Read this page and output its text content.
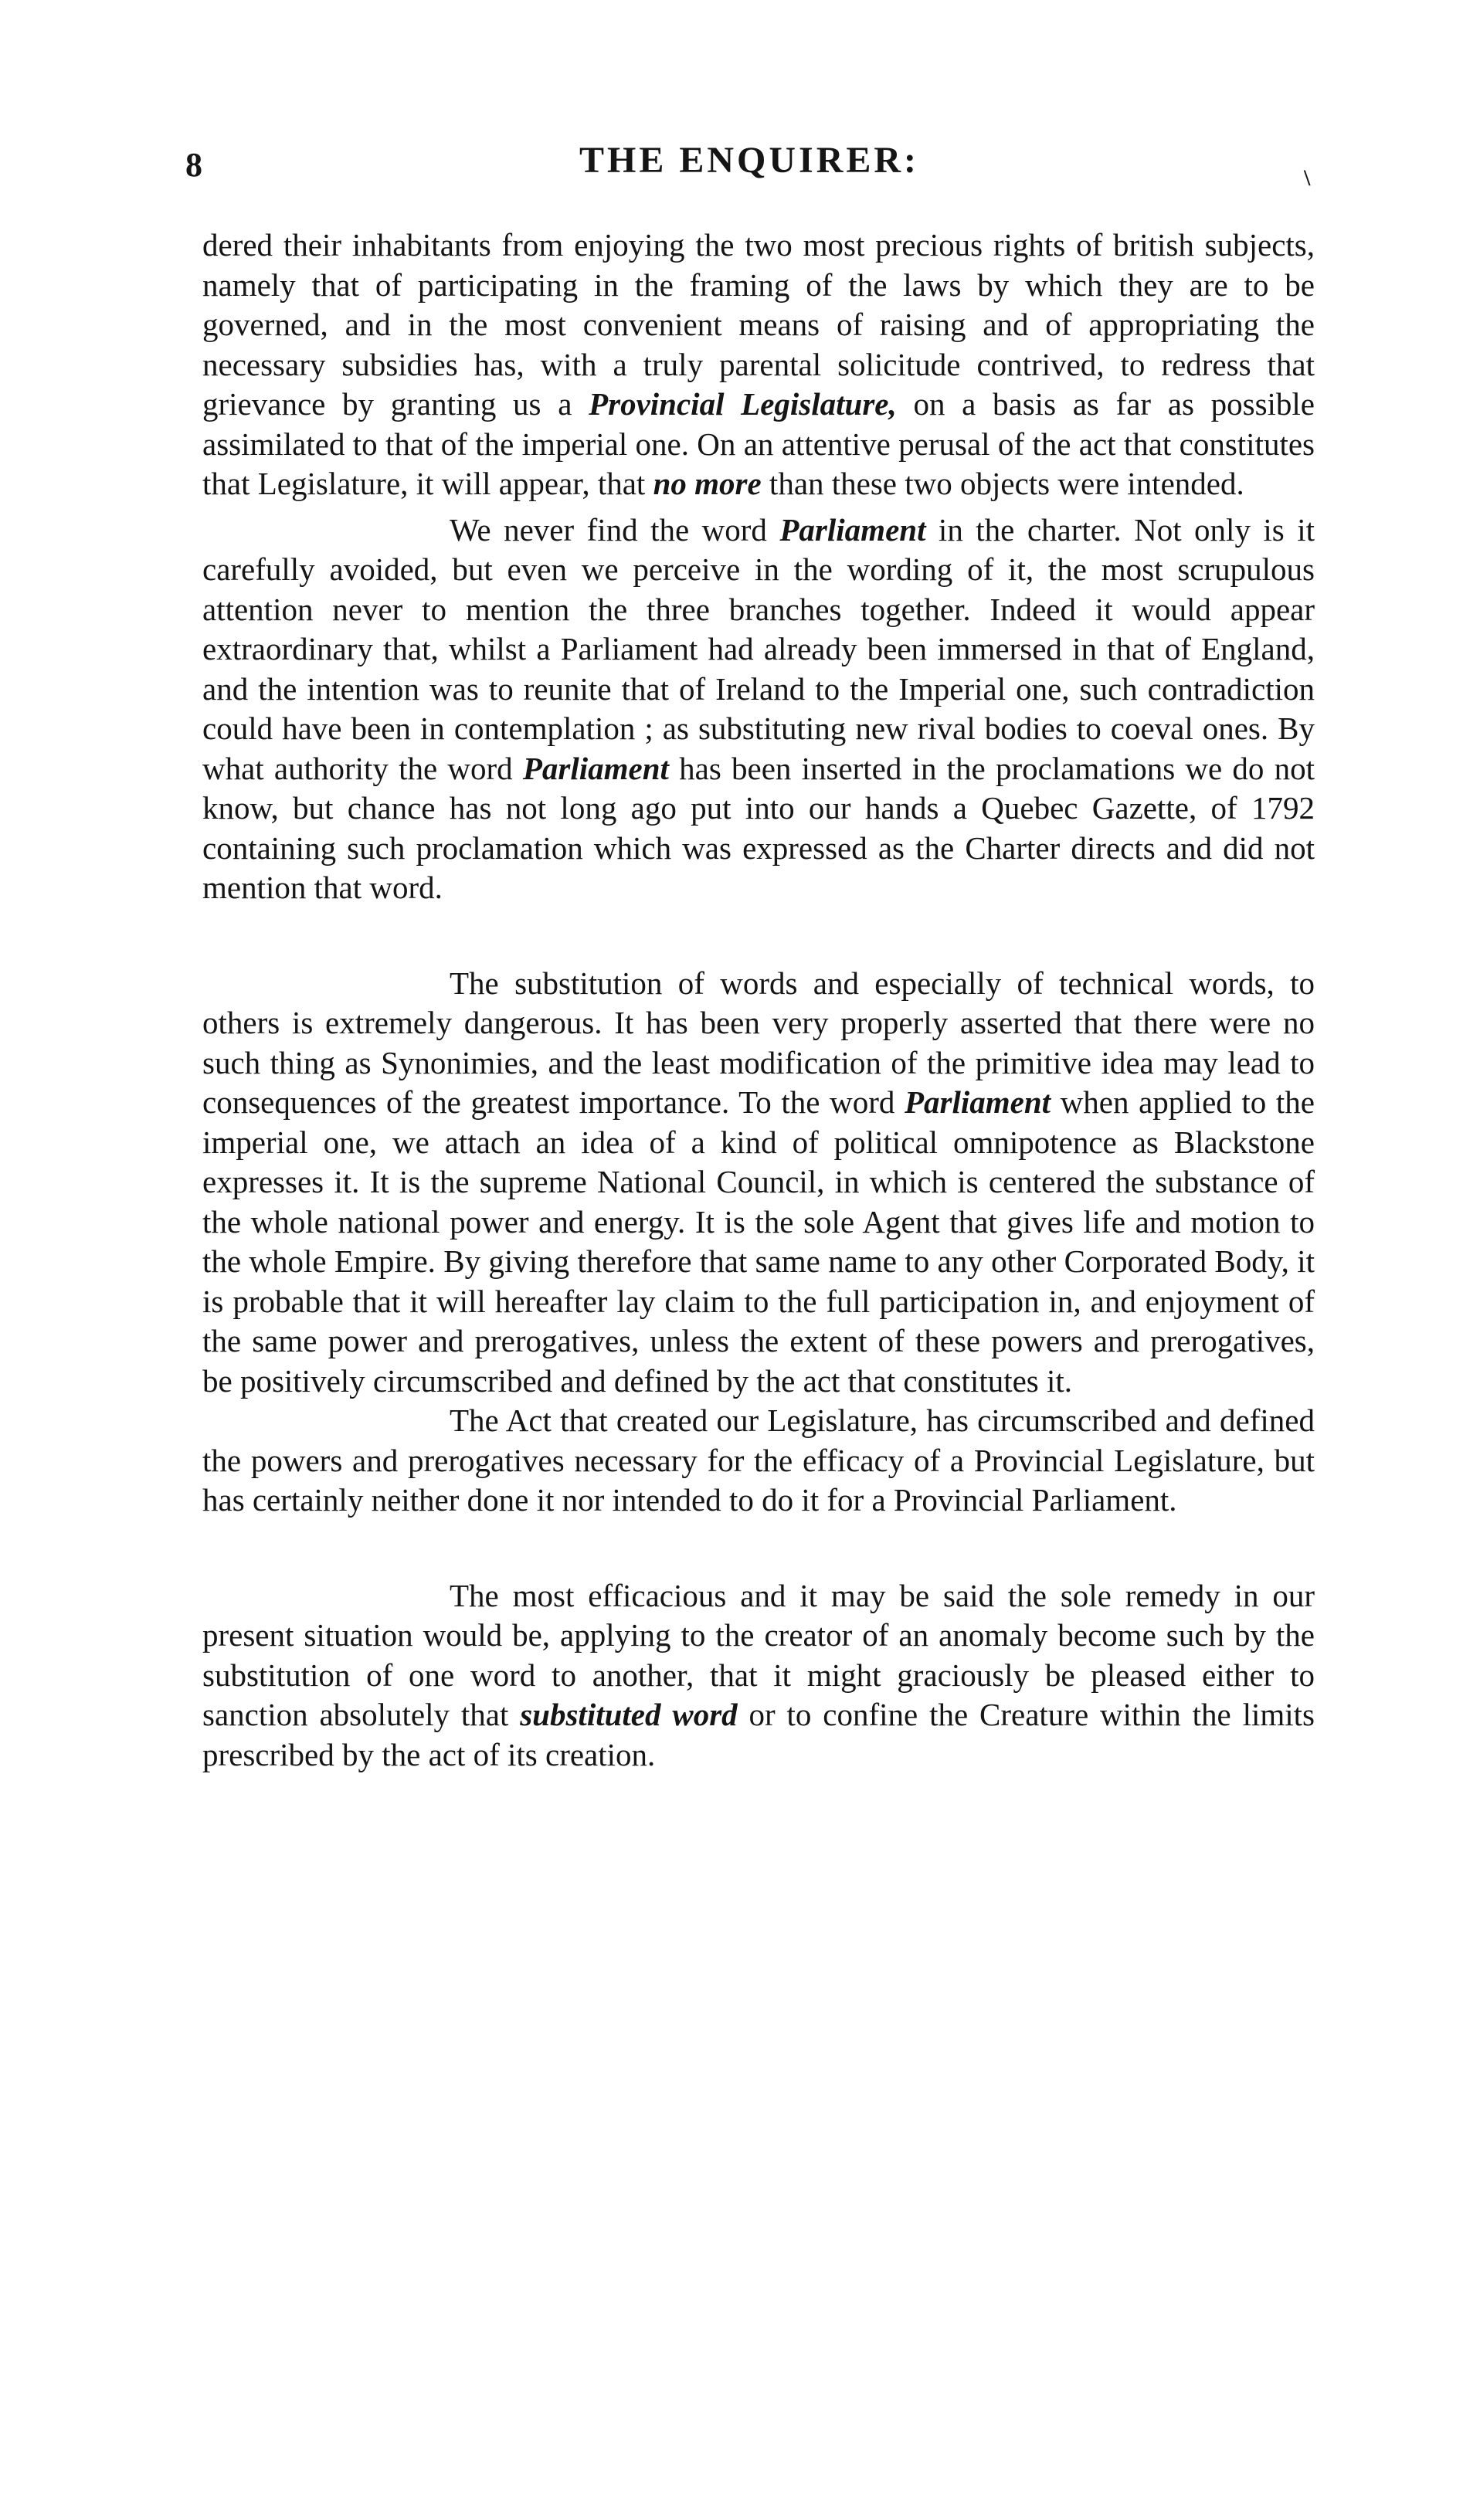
8	THE ENQUIRER:	\

dered their inhabitants from enjoying the two most precious rights of british subjects, namely that of participating in the framing of the laws by which they are to be governed, and in the most convenient means of raising and of appropriating the necessary subsidies has, with a truly parental solicitude contrived, to redress that grievance by granting us a Provincial Legislature, on a basis as far as possible assimilated to that of the imperial one. On an attentive perusal of the act that constitutes that Legislature, it will appear, that no more than these two objects were intended.

We never find the word Parliament in the charter. Not only is it carefully avoided, but even we perceive in the wording of it, the most scrupulous attention never to mention the three branches together. Indeed it would appear extraordinary that, whilst a Parliament had already been immersed in that of England, and the intention was to reunite that of Ireland to the Imperial one, such contradiction could have been in contemplation ; as substituting new rival bodies to coeval ones. By what authority the word Parliament has been inserted in the proclamations we do not know, but chance has not long ago put into our hands a Quebec Gazette, of 1792 containing such proclamation which was expressed as the Charter directs and did not mention that word.

The substitution of words and especially of technical words, to others is extremely dangerous. It has been very properly asserted that there were no such thing as Synonimies, and the least modification of the primitive idea may lead to consequences of the greatest importance. To the word Parliament when applied to the imperial one, we attach an idea of a kind of political omnipotence as Blackstone expresses it. It is the supreme National Council, in which is centered the substance of the whole national power and energy. It is the sole Agent that gives life and motion to the whole Empire. By giving therefore that same name to any other Corporated Body, it is probable that it will hereafter lay claim to the full participation in, and enjoyment of the same power and prerogatives, unless the extent of these powers and prerogatives, be positively circumscribed and defined by the act that constitutes it.

The Act that created our Legislature, has circumscribed and defined the powers and prerogatives necessary for the efficacy of a Provincial Legislature, but has certainly neither done it nor intended to do it for a Provincial Parliament.

The most efficacious and it may be said the sole remedy in our present situation would be, applying to the creator of an anomaly become such by the substitution of one word to another, that it might graciously be pleased either to sanction absolutely that substituted word or to confine the Creature within the limits prescribed by the act of its creation.
